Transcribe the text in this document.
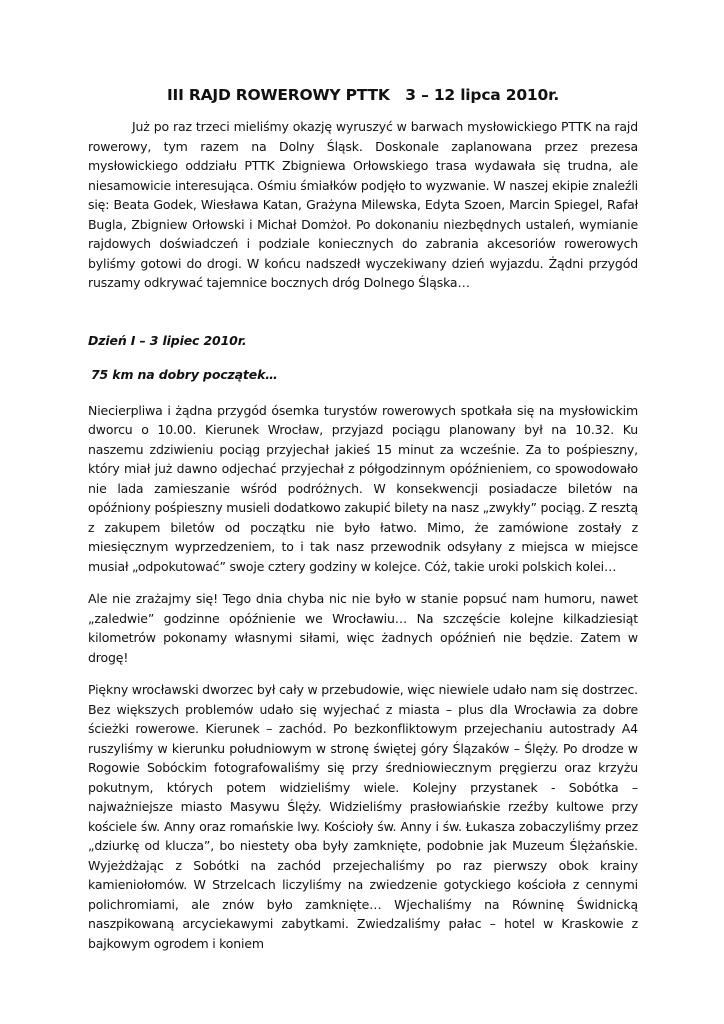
III RAJD ROWEROWY PTTK   3 – 12 lipca 2010r.

Już po raz trzeci mieliśmy okazję wyruszyć w barwach mysłowickiego PTTK na rajd rowerowy, tym razem na Dolny Śląsk. Doskonale zaplanowana przez prezesa mysłowickiego oddziału PTTK Zbigniewa Orłowskiego trasa wydawała się trudna, ale niesamowicie interesująca. Ośmiu śmiałków podjęło to wyzwanie. W naszej ekipie znaleźli się: Beata Godek, Wiesława Katan, Grażyna Milewska, Edyta Szoen, Marcin Spiegel, Rafał Bugla, Zbigniew Orłowski i Michał Domżoł. Po dokonaniu niezbędnych ustaleń, wymianie rajdowych doświadczeń i podziale koniecznych do zabrania akcesoriów rowerowych byliśmy gotowi do drogi. W końcu nadszedł wyczekiwany dzień wyjazdu. Żądni przygód ruszamy odkrywać tajemnice bocznych dróg Dolnego Śląska…

Dzień I – 3 lipiec 2010r.

75 km na dobry początek…

Niecierpliwa i żądna przygód ósemka turystów rowerowych spotkała się na mysłowickim dworcu o 10.00. Kierunek Wrocław, przyjazd pociągu planowany był na 10.32. Ku naszemu zdziwieniu pociąg przyjechał jakieś 15 minut za wcześnie. Za to pośpieszny, który miał już dawno odjechać przyjechał z półgodzinnym opóźnieniem, co spowodowało nie lada zamieszanie wśród podróżnych. W konsekwencji posiadacze biletów na opóźniony pośpieszny musieli dodatkowo zakupić bilety na nasz „zwykły” pociąg. Z resztą z zakupem biletów od początku nie było łatwo. Mimo, że zamówione zostały z miesięcznym wyprzedzeniem, to i tak nasz przewodnik odsyłany z miejsca w miejsce musiał „odpokutować” swoje cztery godziny w kolejce. Cóż, takie uroki polskich kolei…

Ale nie zrażajmy się! Tego dnia chyba nic nie było w stanie popsuć nam humoru, nawet „zaledwie” godzinne opóźnienie we Wrocławiu… Na szczęście kolejne kilkadziesiąt kilometrów pokonamy własnymi siłami, więc żadnych opóźnień nie będzie. Zatem w drogę!

Piękny wrocławski dworzec był cały w przebudowie, więc niewiele udało nam się dostrzec. Bez większych problemów udało się wyjechać z miasta – plus dla Wrocławia za dobre ścieżki rowerowe. Kierunek – zachód. Po bezkonfliktowym przejechaniu autostrady A4 ruszyliśmy w kierunku południowym w stronę świętej góry Ślązaków – Ślęży. Po drodze w Rogowie Sobóckim fotografowaliśmy się przy średniowiecznym pręgierzu oraz krzyżu pokutnym, których potem widzieliśmy wiele. Kolejny przystanek - Sobótka – najważniejsze miasto Masywu Ślęży. Widzieliśmy prasłowiańskie rzeźby kultowe przy kościele św. Anny oraz romańskie lwy. Kościoły św. Anny i św. Łukasza zobaczyliśmy przez „dziurkę od klucza”, bo niestety oba były zamknięte, podobnie jak Muzeum Ślężańskie. Wyjeżdżając z Sobótki na zachód przejechaliśmy po raz pierwszy obok krainy kamieniołomów. W Strzelcach liczyliśmy na zwiedzenie gotyckiego kościoła z cennymi polichromiami, ale znów było zamknięte… Wjechaliśmy na Równinę Świdnicką naszpikowaną arcyciekawymi zabytkami. Zwiedzaliśmy pałac – hotel w Kraskowie z bajkowym ogrodem i koniem
